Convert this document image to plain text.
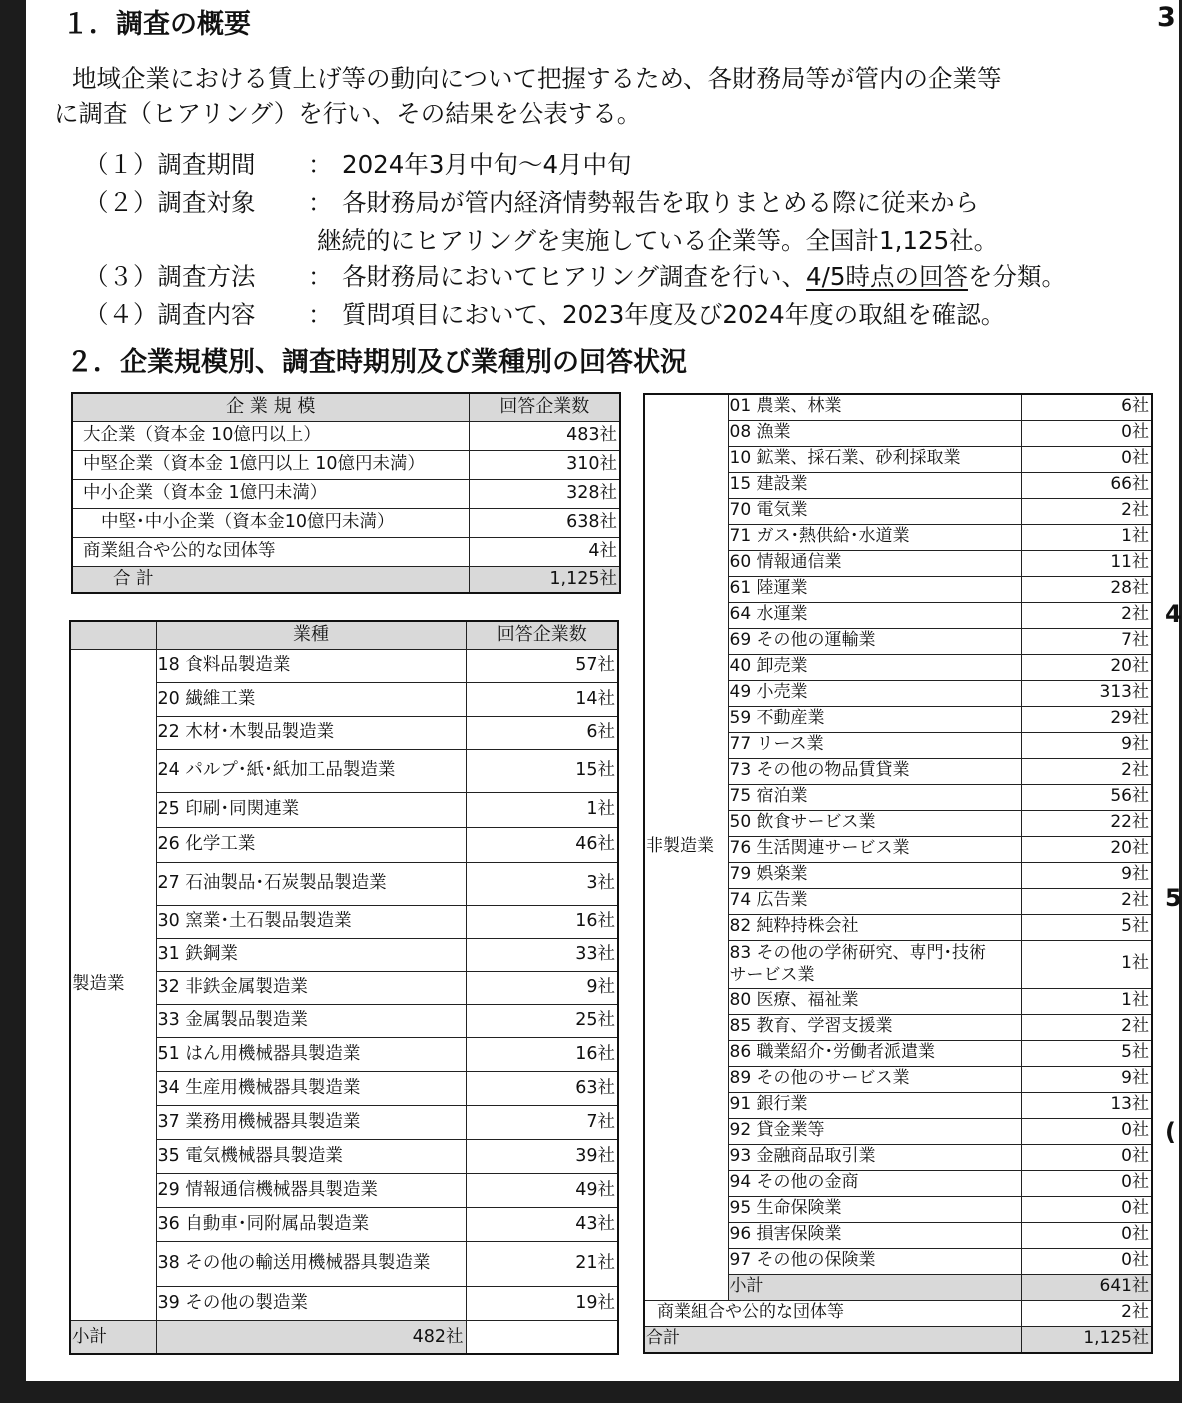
１．調査の概要	3
地域企業における賃上げ等の動向について把握するため、各財務局等が管内の企業等
に調査（ヒアリング）を行い、その結果を公表する。
（１）調査期間 ： 2024年3月中旬～4月中旬
（２）調査対象 ： 各財務局が管内経済情勢報告を取りまとめる際に従来から
継続的にヒアリングを実施している企業等。全国計1,125社。
（３）調査方法 ： 各財務局においてヒアリング調査を行い、4/5時点の回答を分類。
（４）調査内容 ： 質問項目において、2023年度及び2024年度の取組を確認。
２．企業規模別、調査時期別及び業種別の回答状況
4
5
(
企 業 規 模	回答企業数
大企業（資本金 10億円以上）	483社
中堅企業（資本金 1億円以上 10億円未満）	310社
中小企業（資本金 1億円未満）	328社
中堅･中小企業（資本金10億円未満）	638社
商業組合や公的な団体等	4社
合 計	1,125社
	業種	回答企業数
製造業	18 食料品製造業	57社
	20 繊維工業	14社
	22 木材･木製品製造業	6社
	24 パルプ･紙･紙加工品製造業	15社
	25 印刷･同関連業	1社
	26 化学工業	46社
	27 石油製品･石炭製品製造業	3社
	30 窯業･土石製品製造業	16社
	31 鉄鋼業	33社
	32 非鉄金属製造業	9社
	33 金属製品製造業	25社
	51 はん用機械器具製造業	16社
	34 生産用機械器具製造業	63社
	37 業務用機械器具製造業	7社
	35 電気機械器具製造業	39社
	29 情報通信機械器具製造業	49社
	36 自動車･同附属品製造業	43社
	38 その他の輸送用機械器具製造業	21社
	39 その他の製造業	19社
小計	482社	
非製造業	01 農業、林業	6社
	08 漁業	0社
	10 鉱業、採石業、砂利採取業	0社
	15 建設業	66社
	70 電気業	2社
	71 ガス･熱供給･水道業	1社
	60 情報通信業	11社
	61 陸運業	28社
	64 水運業	2社
	69 その他の運輸業	7社
	40 卸売業	20社
	49 小売業	313社
	59 不動産業	29社
	77 リース業	9社
	73 その他の物品賃貸業	2社
	75 宿泊業	56社
	50 飲食サービス業	22社
	76 生活関連サービス業	20社
	79 娯楽業	9社
	74 広告業	2社
	82 純粋持株会社	5社

	83 その他の学術研究、専門･技術
サービス業	1社
	80 医療、福祉業	1社
	85 教育、学習支援業	2社
	86 職業紹介･労働者派遣業	5社
	89 その他のサービス業	9社
	91 銀行業	13社
	92 貸金業等	0社
	93 金融商品取引業	0社
	94 その他の金商	0社
	95 生命保険業	0社
	96 損害保険業	0社
	97 その他の保険業	0社
	小計	641社
商業組合や公的な団体等		2社
合計		1,125社
